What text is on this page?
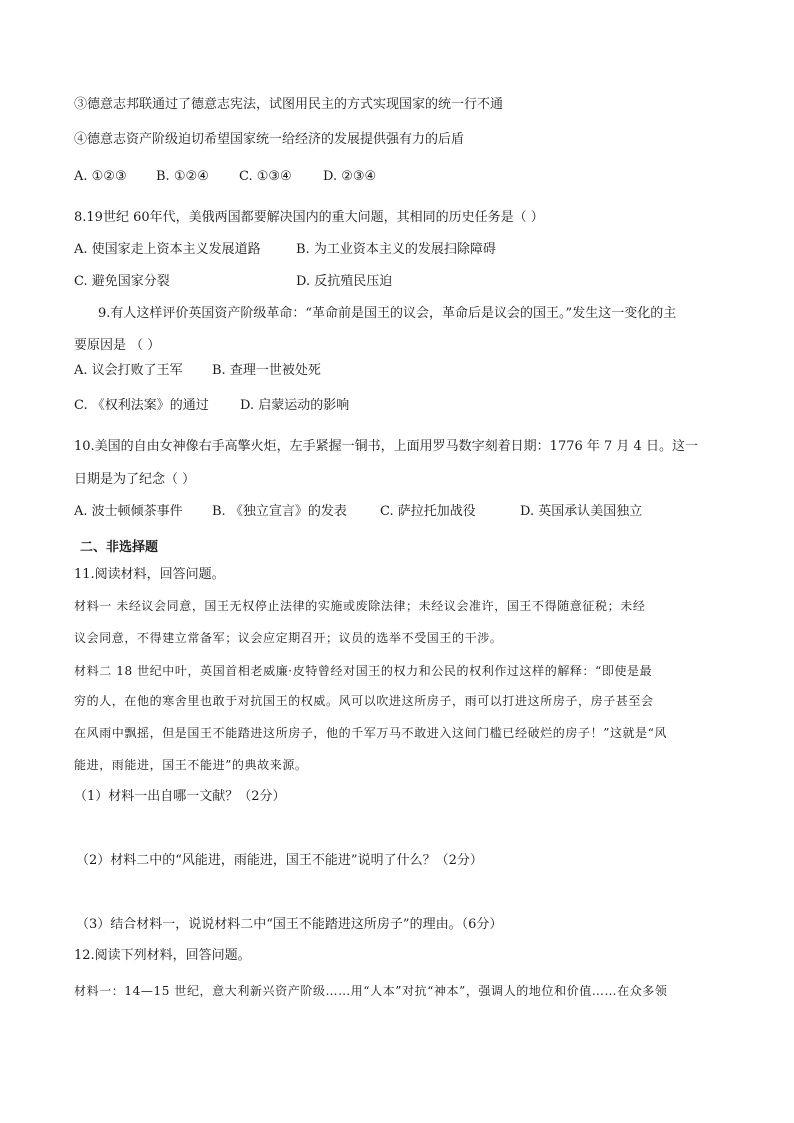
③德意志邦联通过了德意志宪法，试图用民主的方式实现国家的统一行不通
④德意志资产阶级迫切希望国家统一给经济的发展提供强有力的后盾
A. ①②③ B. ①②④ C. ①③④ D. ②③④
8.19世纪 60年代，美俄两国都要解决国内的重大问题，其相同的历史任务是（ ）
A. 使国家走上资本主义发展道路	B. 为工业资本主义的发展扫除障碍
C. 避免国家分裂	D. 反抗殖民压迫
9.有人这样评价英国资产阶级革命：“革命前是国王的议会，革命后是议会的国王。”发生这一变化的主
要原因是 （ ）
A. 议会打败了王军 B. 查理一世被处死
C. 《权利法案》的通过 D. 启蒙运动的影响
10.美国的自由女神像右手高擎火炬，左手紧握一铜书，上面用罗马数字刻着日期：1776 年 7 月 4 日。这一
日期是为了纪念（ ）
A. 波士顿倾茶事件 B. 《独立宣言》的发表	C. 萨拉托加战役	D. 英国承认美国独立
二、非选择题
11.阅读材料，回答问题。
材料一 未经议会同意，国王无权停止法律的实施或废除法律；未经议会准许，国王不得随意征税；未经
议会同意，不得建立常备军；议会应定期召开；议员的选举不受国王的干涉。
材料二 18 世纪中叶，英国首相老威廉·皮特曾经对国王的权力和公民的权利作过这样的解释：“即使是最
穷的人，在他的寒舍里也敢于对抗国王的权威。风可以吹进这所房子，雨可以打进这所房子，房子甚至会
在风雨中飘摇，但是国王不能踏进这所房子，他的千军万马不敢进入这间门槛已经破烂的房子！”这就是“风
能进，雨能进，国王不能进”的典故来源。
（1）材料一出自哪一文献？（2分）
（2）材料二中的“风能进，雨能进，国王不能进”说明了什么？（2分）
（3）结合材料一，说说材料二中“国王不能踏进这所房子”的理由。（6分）
12.阅读下列材料，回答问题。
材料一：14—15 世纪，意大利新兴资产阶级……用“人本”对抗“神本”，强调人的地位和价值……在众多领
